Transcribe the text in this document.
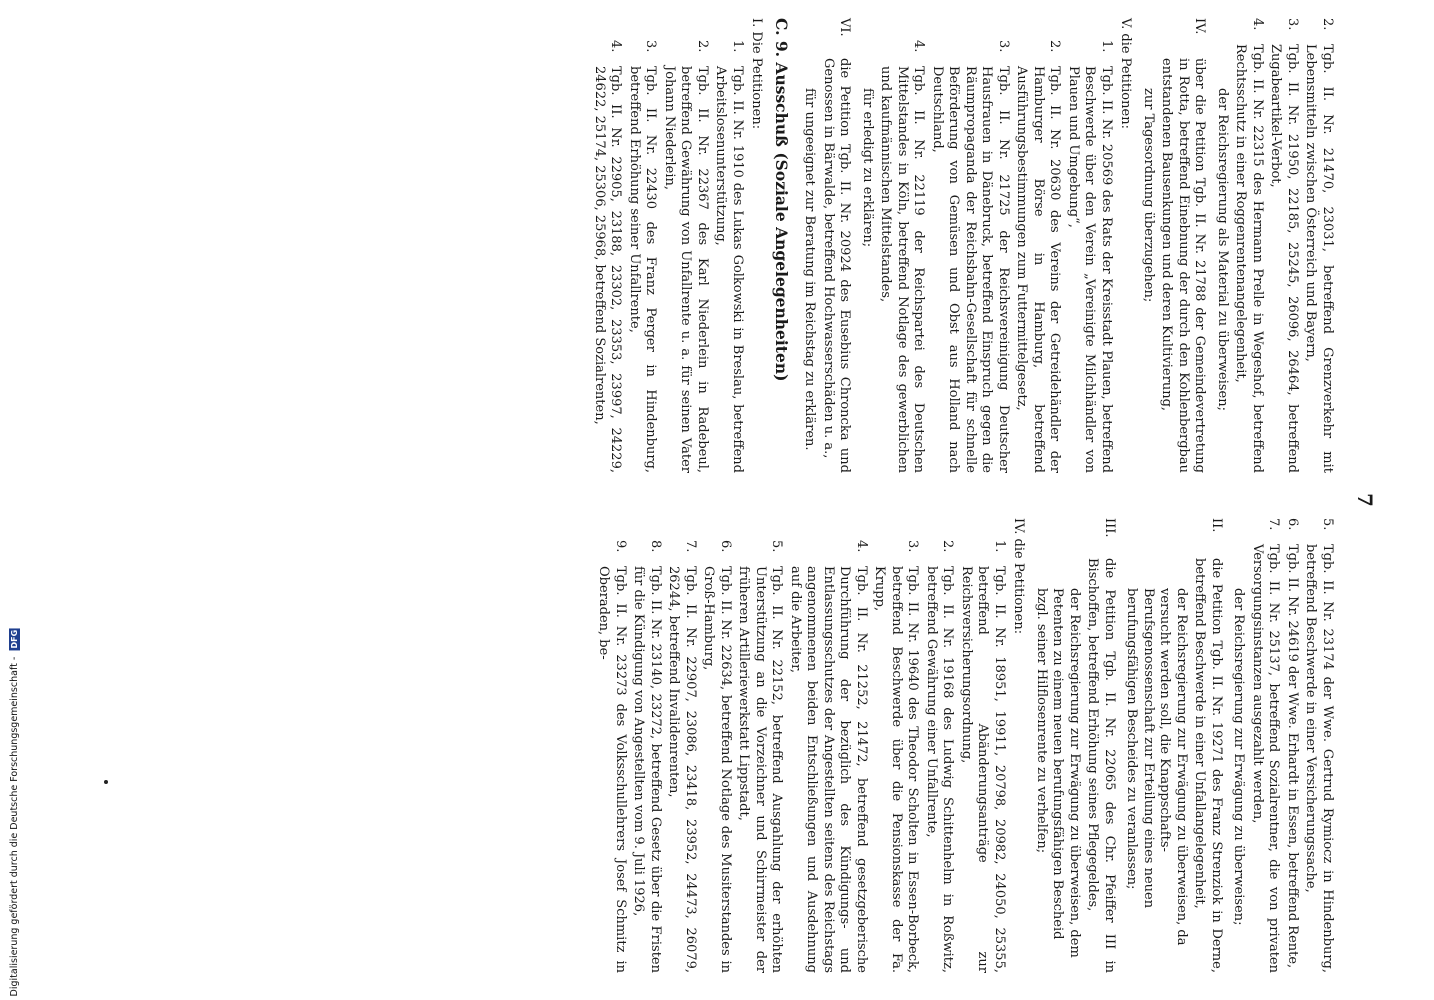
7
2.
Tgb. II. Nr. 21470, 23031, betreffend Grenzverkehr mit Lebensmitteln zwischen Österreich und Bayern,
3.
Tgb. II. Nr. 21950, 22185, 25245, 26096, 26464, betreffend Zugabeartikel-Verbot,
4.
Tgb. II. Nr. 22315 des Hermann Prelle in Wegeshof, betreffend Rechtsschutz in einer Roggenrentenangelegenheit,
der Reichsregierung als Material zu überweisen;
IV.
über die Petition Tgb. II. Nr. 21788 der Gemeindevertretung in Rotta, betreffend Einebnung der durch den Kohlenbergbau entstandenen Bausenkungen und deren Kultivierung,
zur Tagesordnung überzugehen;
V. die Petitionen:
1.
Tgb. II. Nr. 20569 des Rats der Kreisstadt Plauen, betreffend Beschwerde über den Verein „Vereinigte Milchhändler von Plauen und Umgebung“,
2.
Tgb. II. Nr. 20630 des Vereins der Getreidehändler der Hamburger Börse in Hamburg, betreffend Ausführungsbestimmungen zum Futtermittelgesetz,
3.
Tgb. II. Nr. 21725 der Reichsvereinigung Deutscher Hausfrauen in Dänebruck, betreffend Einspruch gegen die Räumpropaganda der Reichsbahn-Gesellschaft für schnelle Beförderung von Gemüsen und Obst aus Holland nach Deutschland,
4.
Tgb. II. Nr. 22119 der Reichspartei des Deutschen Mittelstandes in Köln, betreffend Notlage des gewerblichen und kaufmännischen Mittelstandes,
für erledigt zu erklären;
VI.
die Petition Tgb. II. Nr. 20924 des Eusebius Chroncka und Genossen in Bärwalde, betreffend Hochwasserschäden u. a.,
für ungeeignet zur Beratung im Reichstag zu erklären.
C. 9. Ausschuß (Soziale Angelegenheiten)
I. Die Petitionen:
1.
Tgb. II. Nr. 1910 des Lukas Golkowski in Breslau, betreffend Arbeitslosenunterstützung,
2.
Tgb. II. Nr. 22367 des Karl Niederlein in Radebeul, betreffend Gewährung von Unfallrente u. a. für seinen Vater Johann Niederlein,
3.
Tgb. II. Nr. 22430 des Franz Perger in Hindenburg, betreffend Erhöhung seiner Unfallrente,
4.
Tgb. II. Nr. 22905, 23188, 23302, 23353, 23997, 24229, 24622, 25174, 25306, 25968, betreffend Sozialrenten,
5.
Tgb. II. Nr. 23174 der Wwe. Gertrud Rymiocz in Hindenburg, betreffend Beschwerde in einer Versicherungssache,
6.
Tgb. II. Nr. 24619 der Wwe. Erhardt in Essen, betreffend Rente,
7.
Tgb. II. Nr. 25137, betreffend Sozialrentner, die von privaten Versorgungsinstanzen ausgezahlt werden,
der Reichsregierung zur Erwägung zu überweisen;
II.
die Petition Tgb. II. Nr. 19271 des Franz Strenziok in Derne, betreffend Beschwerde in einer Unfallangelegenheit,
der Reichsregierung zur Erwägung zu überweisen, da versucht werden soll, die Knappschafts-Berufsgenossenschaft zur Erteilung eines neuen berufungsfähigen Bescheides zu veranlassen;
III.
die Petition Tgb. II. Nr. 22065 des Chr. Pfeiffer III in Bischoffen, betreffend Erhöhung seines Pflegegeldes,
der Reichsregierung zur Erwägung zu überweisen, dem Petenten zu einem neuen berufungsfähigen Bescheid bzgl. seiner Hilflosenrente zu verhelfen;
IV. die Petitionen:
1.
Tgb. II. Nr. 18951, 19911, 20798, 20982, 24050, 25355, betreffend Abänderungsanträge zur Reichsversicherungsordnung,
2.
Tgb. II. Nr. 19168 des Ludwig Schittenhelm in Roßwitz, betreffend Gewährung einer Unfallrente,
3.
Tgb. II. Nr. 19640 des Theodor Scholten in Essen-Borbeck, betreffend Beschwerde über die Pensionskasse der Fa. Krupp,
4.
Tgb. II. Nr. 21252, 21472, betreffend gesetzgeberische Durchführung der bezüglich des Kündigungs- und Entlassungsschutzes der Angestellten seitens des Reichstags angenommenen beiden Entschließungen und Ausdehnung auf die Arbeiter,
5.
Tgb. II. Nr. 22152, betreffend Ausgahlung der erhöhten Unterstützung an die Vorzeichner und Schirrmeister der früheren Artilleriewerkstatt Lippstadt,
6.
Tgb. II. Nr. 22634, betreffend Notlage des Musiterstandes in Groß-Hamburg,
7.
Tgb. II. Nr. 22907, 23086, 23418, 23952, 24473, 26079, 26244, betreffend Invalidenrenten,
8.
Tgb. II. Nr. 23140, 23272, betreffend Gesetz über die Fristen für die Kündigung von Angestellten vom 9. Juli 1926,
9.
Tgb. II. Nr. 23273 des Volksschullehrers Josef Schmitz in Oberaden, be-
Digitalisierung gefördert durch die Deutsche Forschungsgemeinschaft - DFG
